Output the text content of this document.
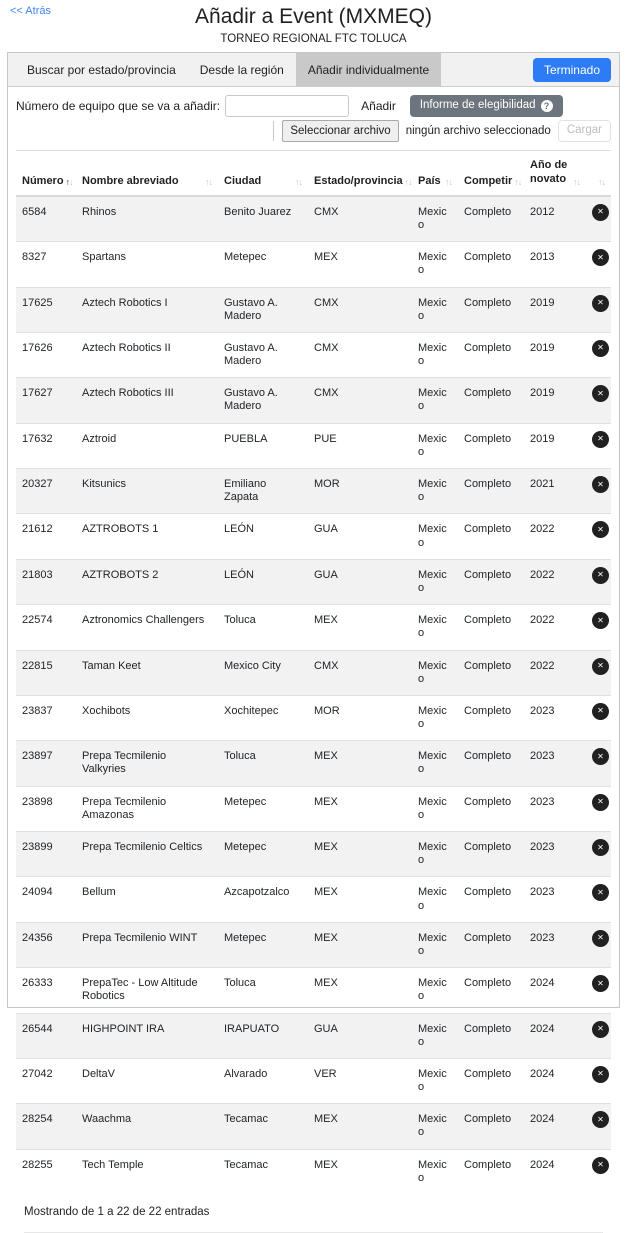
<< Atrás	Añadir a Event (MXMEQ)
TORNEO REGIONAL FTC TOLUCA
Buscar por estado/provincia	Desde la región	Añadir individualmente	Terminado
Número de equipo que se va a añadir:	Añadir Informe de elegibilidad ?
Seleccionar archivo	ningún archivo seleccionado	Cargar
Número ↑↓	Nombre abreviado ↑↓	Ciudad ↑↓	Estado/provincia ↑↓	País ↑↓	Competir ↑↓	Año de novato ↑↓	↑↓

6584	Rhinos	Benito Juarez	CMX	Mexico	Completo	2012	✕
8327	Spartans	Metepec	MEX	Mexico	Completo	2013	✕
17625	Aztech Robotics I	Gustavo A. Madero	CMX	Mexico	Completo	2019	✕
17626	Aztech Robotics II	Gustavo A. Madero	CMX	Mexico	Completo	2019	✕
17627	Aztech Robotics III	Gustavo A. Madero	CMX	Mexico	Completo	2019	✕
17632	Aztroid	PUEBLA	PUE	Mexico	Completo	2019	✕
20327	Kitsunics	Emiliano Zapata	MOR	Mexico	Completo	2021	✕
21612	AZTROBOTS 1	LEÓN	GUA	Mexico	Completo	2022	✕
21803	AZTROBOTS 2	LEÓN	GUA	Mexico	Completo	2022	✕
22574	Aztronomics Challengers	Toluca	MEX	Mexico	Completo	2022	✕
22815	Taman Keet	Mexico City	CMX	Mexico	Completo	2022	✕
23837	Xochibots	Xochitepec	MOR	Mexico	Completo	2023	✕
23897	Prepa Tecmilenio Valkyries	Toluca	MEX	Mexico	Completo	2023	✕
23898	Prepa Tecmilenio Amazonas	Metepec	MEX	Mexico	Completo	2023	✕
23899	Prepa Tecmilenio Celtics	Metepec	MEX	Mexico	Completo	2023	✕
24094	Bellum	Azcapotzalco	MEX	Mexico	Completo	2023	✕
24356	Prepa Tecmilenio WINT	Metepec	MEX	Mexico	Completo	2023	✕
26333	PrepaTec - Low Altitude Robotics	Toluca	MEX	Mexico	Completo	2024	✕
26544	HIGHPOINT IRA	IRAPUATO	GUA	Mexico	Completo	2024	✕
27042	DeltaV	Alvarado	VER	Mexico	Completo	2024	✕
28254	Waachma	Tecamac	MEX	Mexico	Completo	2024	✕
28255	Tech Temple	Tecamac	MEX	Mexico	Completo	2024	✕
Mostrando de 1 a 22 de 22 entradas
